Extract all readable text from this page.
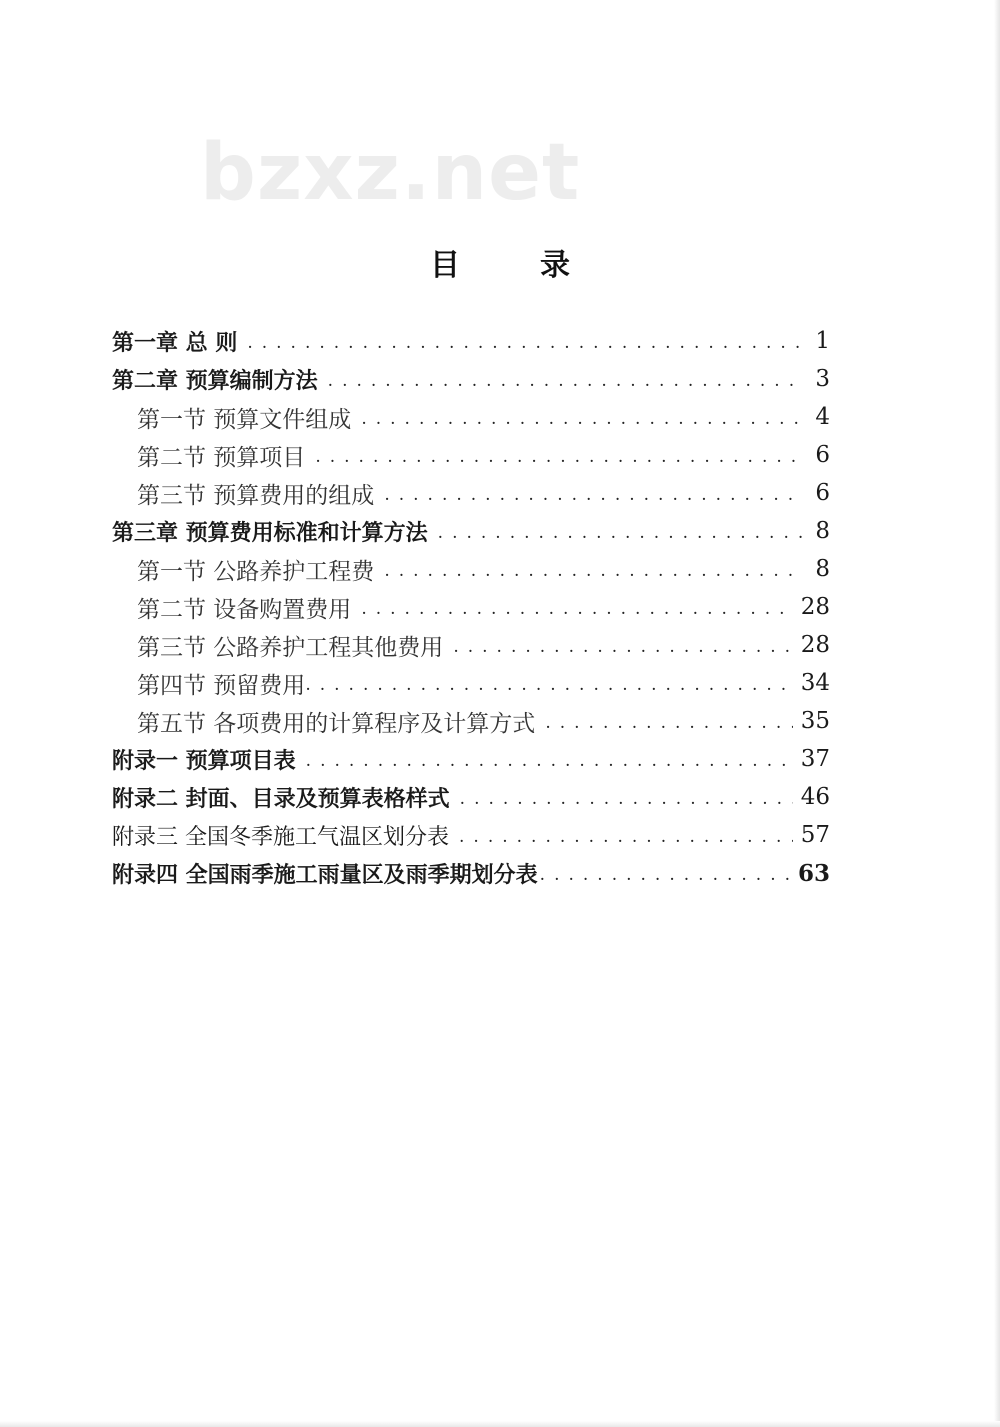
bzxz.net
目	录
第一章 总 则 . . .	1
第二章 预算编制方法 . . .	3
第一节 预算文件组成 . . .	4
第二节 预算项目 . . .	6
第三节 预算费用的组成 . . .	6
第三章 预算费用标准和计算方法 . . .	8
第一节 公路养护工程费 . . .	8
第二节 设备购置费用 . . .	28
第三节 公路养护工程其他费用 . . .	28
第四节 预留费用 . . .	34
第五节 各项费用的计算程序及计算方式 . . .	35
附录一 预算项目表 . . .	37
附录二 封面、目录及预算表格样式 . . .	46
附录三 全国冬季施工气温区划分表 . . .	57
附录四 全国雨季施工雨量区及雨季期划分表 . . .	63
